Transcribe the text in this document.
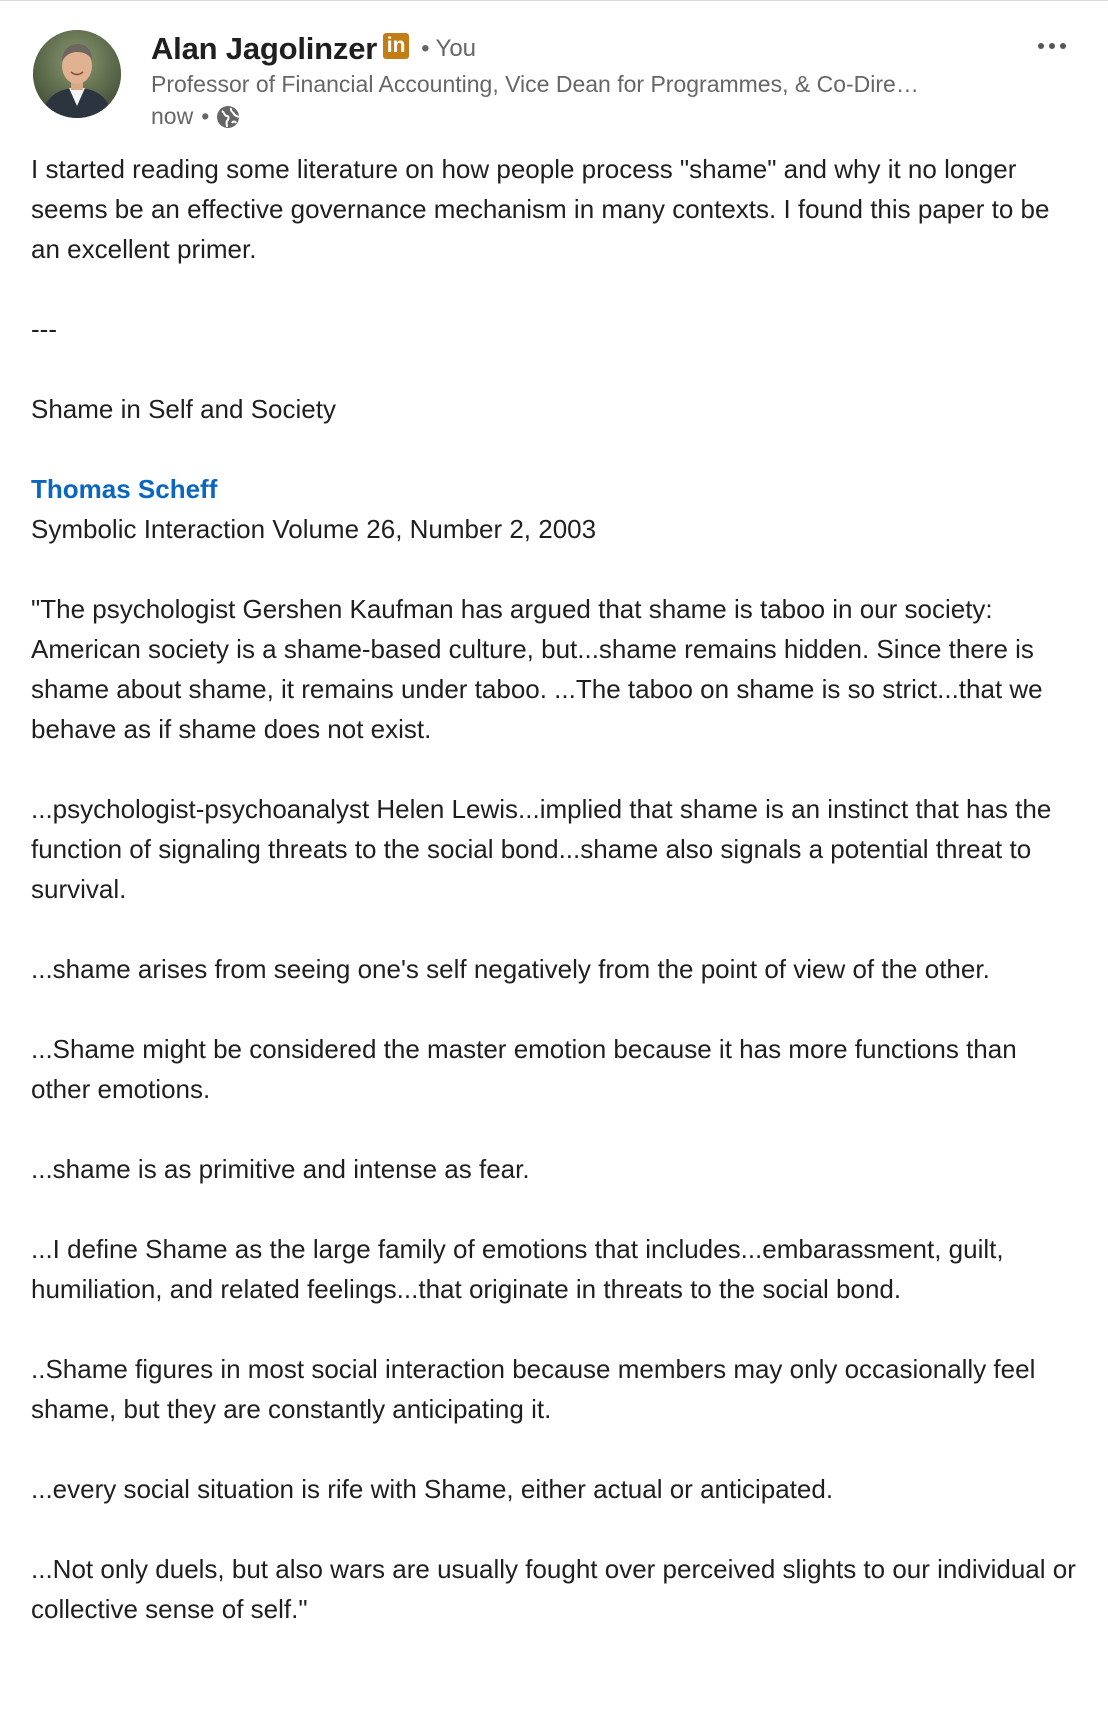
Alan Jagolinzer in • You
Professor of Financial Accounting, Vice Dean for Programmes, & Co-Dire…
now •

I started reading some literature on how people process "shame" and why it no longer seems be an effective governance mechanism in many contexts. I found this paper to be an excellent primer.

---

Shame in Self and Society

Thomas Scheff
Symbolic Interaction Volume 26, Number 2, 2003

"The psychologist Gershen Kaufman has argued that shame is taboo in our society: American society is a shame-based culture, but...shame remains hidden. Since there is shame about shame, it remains under taboo. ...The taboo on shame is so strict...that we behave as if shame does not exist.

...psychologist-psychoanalyst Helen Lewis...implied that shame is an instinct that has the function of signaling threats to the social bond...shame also signals a potential threat to survival.

...shame arises from seeing one's self negatively from the point of view of the other.

...Shame might be considered the master emotion because it has more functions than other emotions.

...shame is as primitive and intense as fear.

...I define Shame as the large family of emotions that includes...embarassment, guilt, humiliation, and related feelings...that originate in threats to the social bond.

..Shame figures in most social interaction because members may only occasionally feel shame, but they are constantly anticipating it.

...every social situation is rife with Shame, either actual or anticipated.

...Not only duels, but also wars are usually fought over perceived slights to our individual or collective sense of self."
